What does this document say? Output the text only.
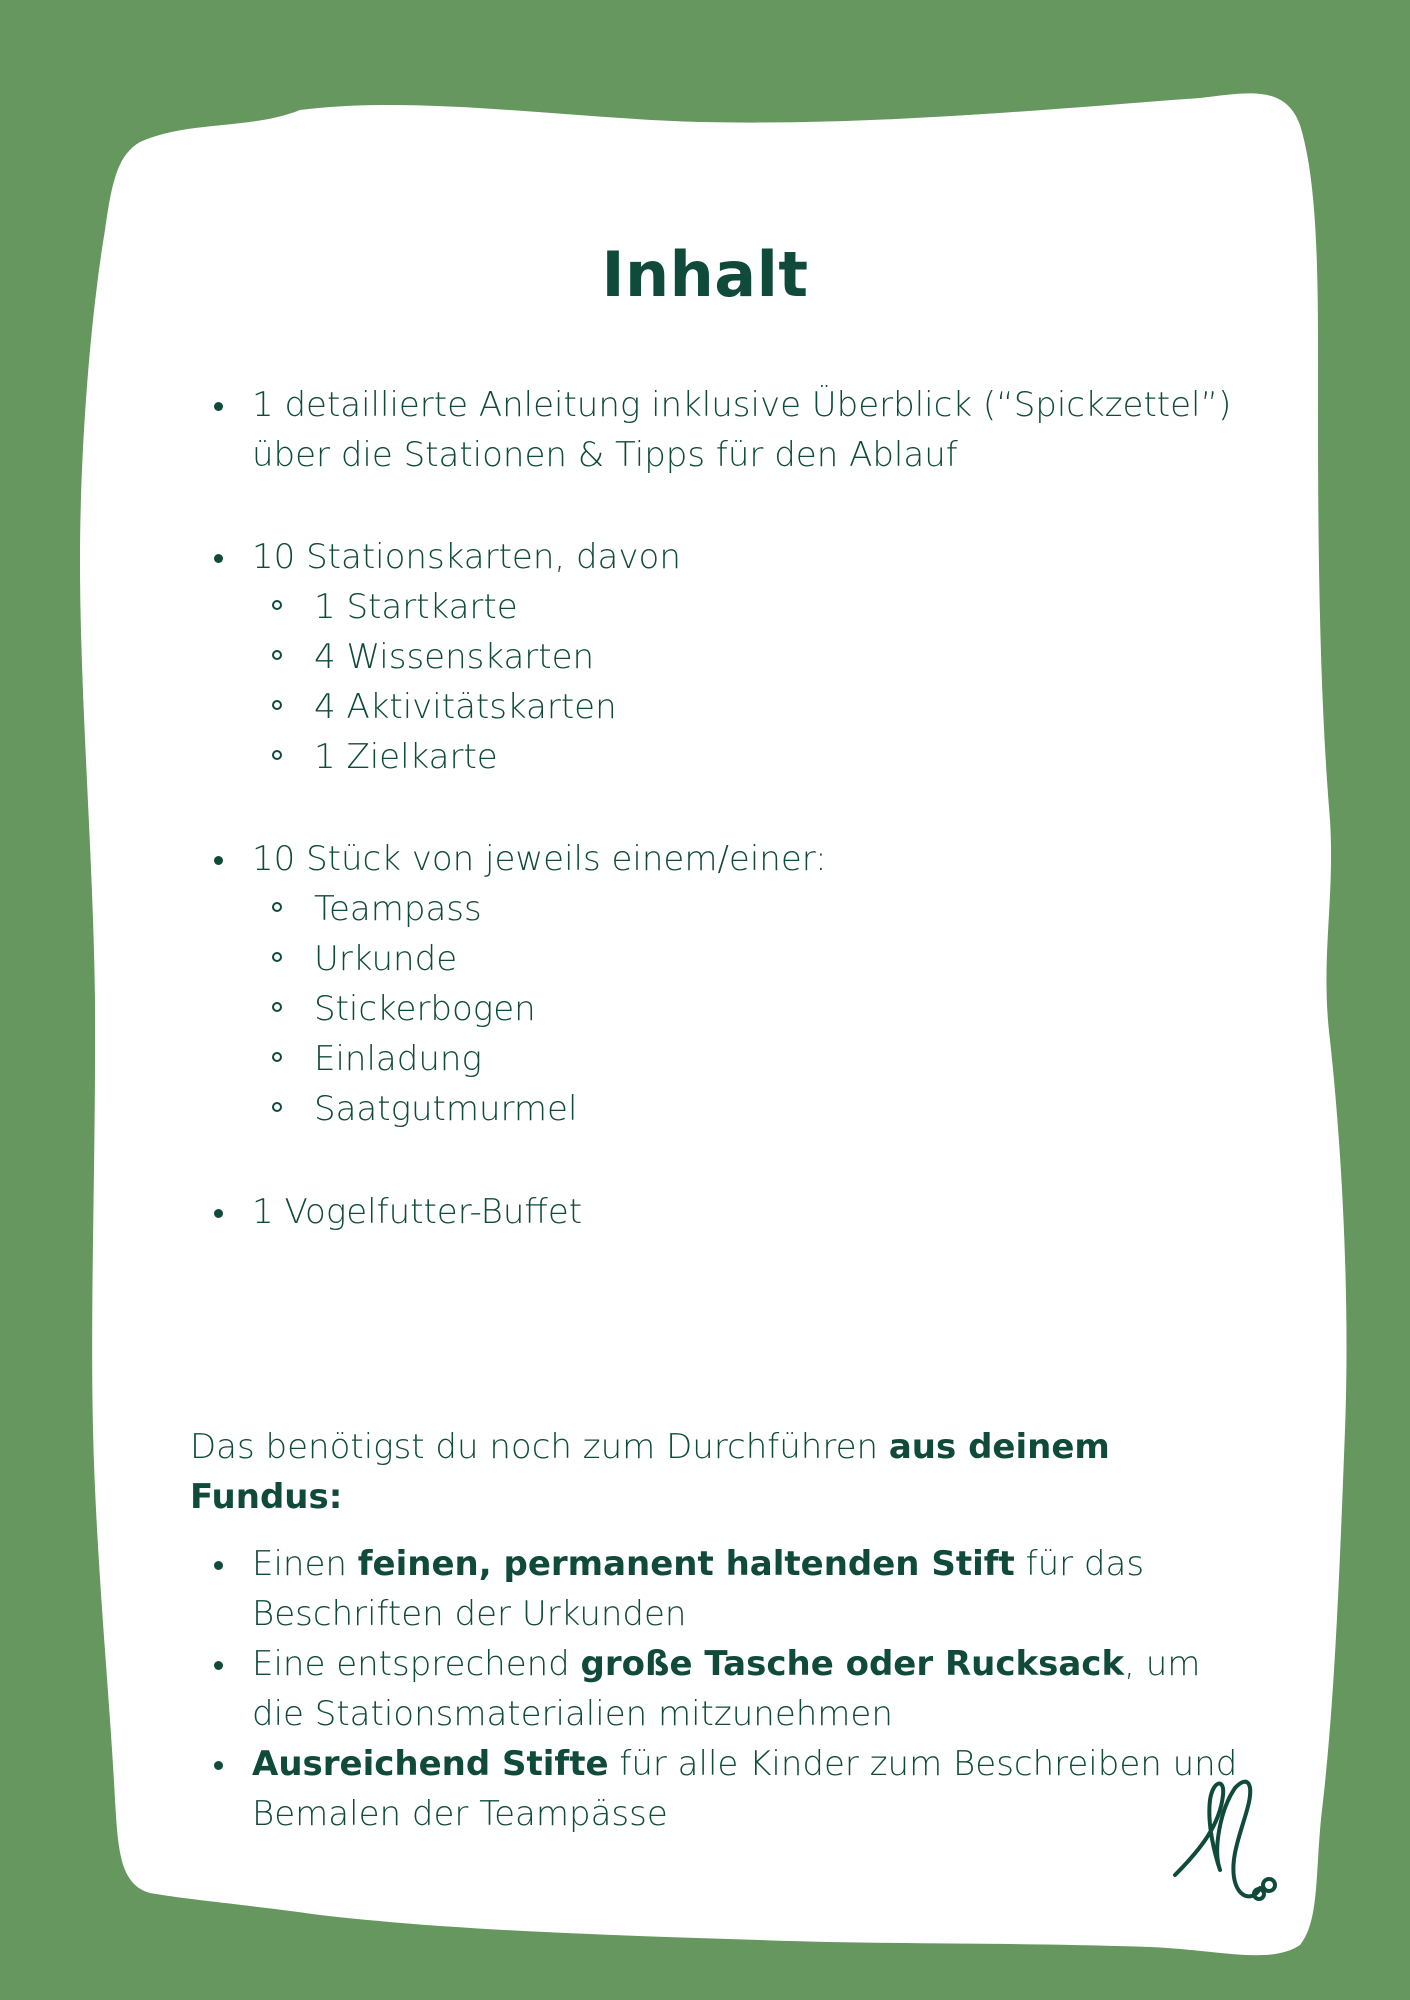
Inhalt
1 detaillierte Anleitung inklusive Überblick (“Spickzettel”) über die Stationen & Tipps für den Ablauf
10 Stationskarten, davon
1 Startkarte
4 Wissenskarten
4 Aktivitätskarten
1 Zielkarte
10 Stück von jeweils einem/einer:
Teampass
Urkunde
Stickerbogen
Einladung
Saatgutmurmel
1 Vogelfutter-Buffet

Das benötigst du noch zum Durchführen aus deinem Fundus:

Einen feinen, permanent haltenden Stift für das Beschriften der Urkunden
Eine entsprechend große Tasche oder Rucksack, um die Stationsmaterialien mitzunehmen
Ausreichend Stifte für alle Kinder zum Beschreiben und Bemalen der Teampässe
